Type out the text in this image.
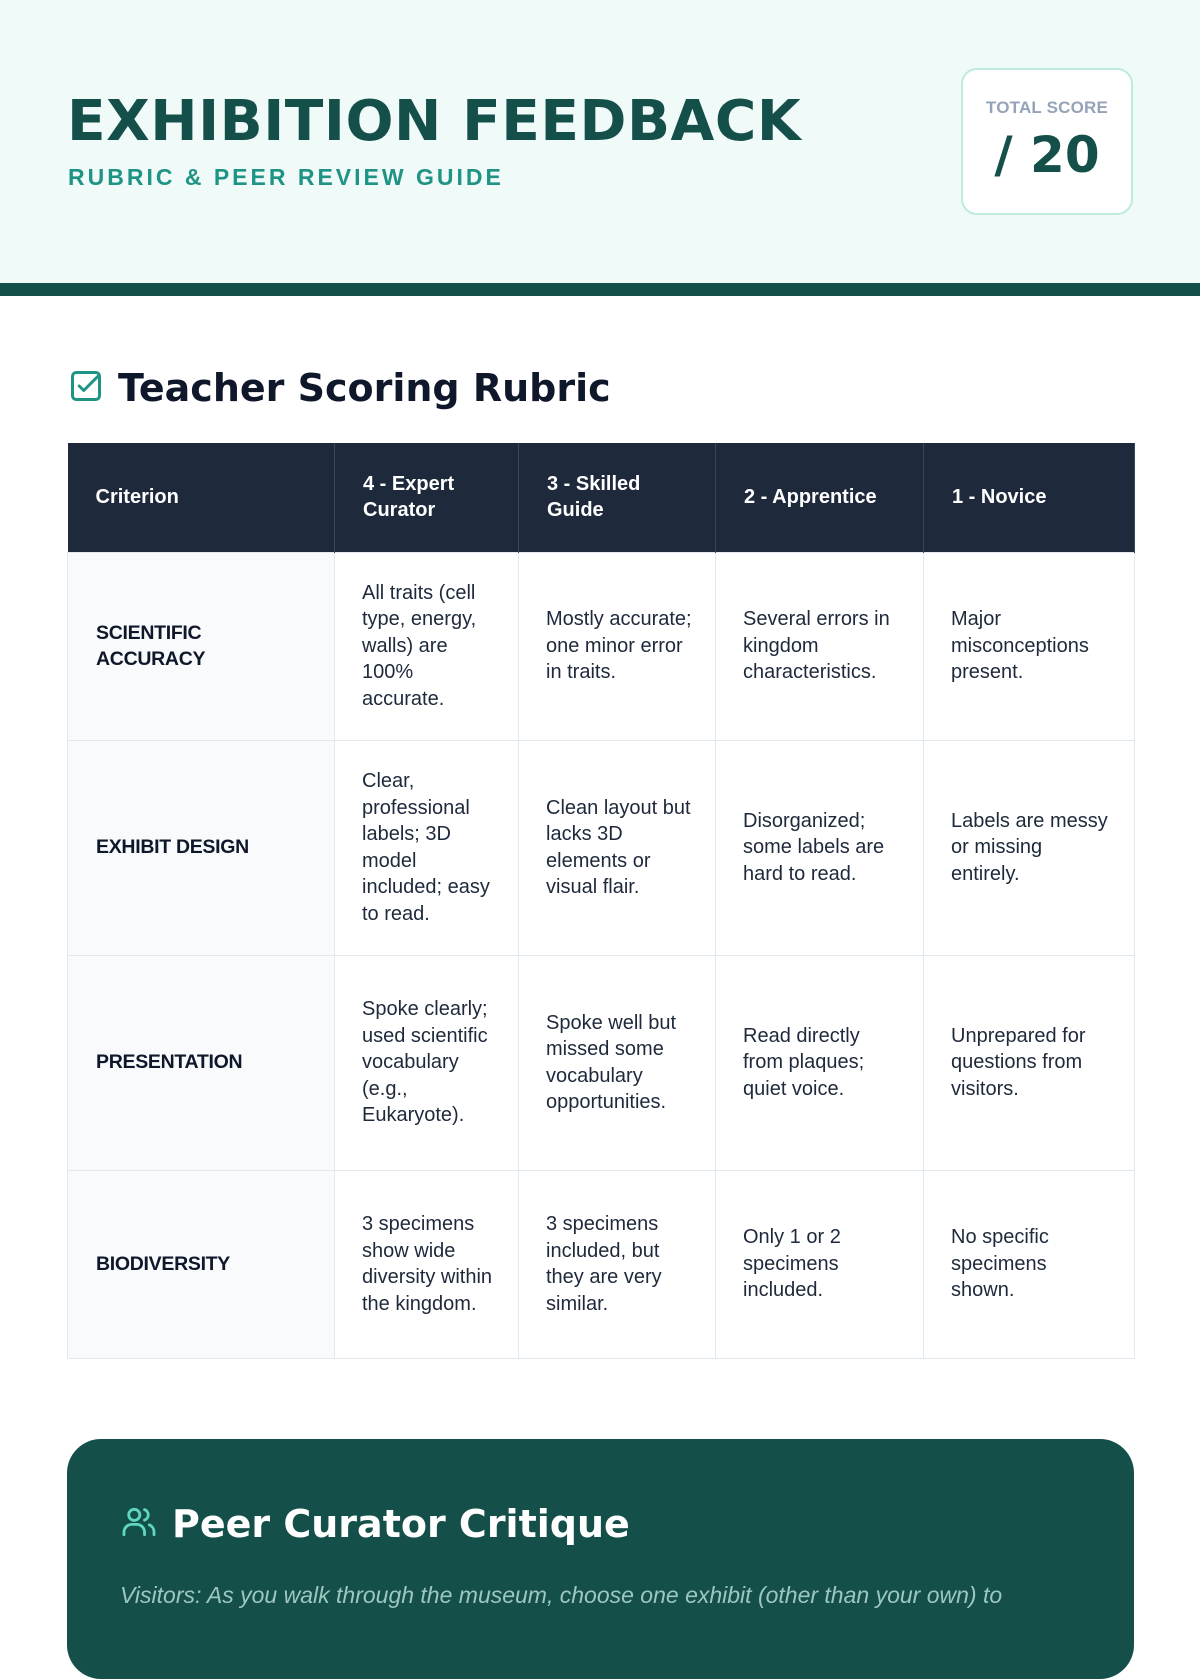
EXHIBITION FEEDBACK
RUBRIC & PEER REVIEW GUIDE
TOTAL SCORE
/ 20
Teacher Scoring Rubric
Criterion	4 - Expert Curator	3 - Skilled Guide	2 - Apprentice	1 - Novice
SCIENTIFIC ACCURACY	All traits (cell type, energy, walls) are 100% accurate.	Mostly accurate; one minor error in traits.	Several errors in kingdom characteristics.	Major misconceptions present.
EXHIBIT DESIGN	Clear, professional labels; 3D model included; easy to read.	Clean layout but lacks 3D elements or visual flair.	Disorganized; some labels are hard to read.	Labels are messy or missing entirely.
PRESENTATION	Spoke clearly; used scientific vocabulary (e.g., Eukaryote).	Spoke well but missed some vocabulary opportunities.	Read directly from plaques; quiet voice.	Unprepared for questions from visitors.
BIODIVERSITY	3 specimens show wide diversity within the kingdom.	3 specimens included, but they are very similar.	Only 1 or 2 specimens included.	No specific specimens shown.
Peer Curator Critique

Visitors: As you walk through the museum, choose one exhibit (other than your own) to
